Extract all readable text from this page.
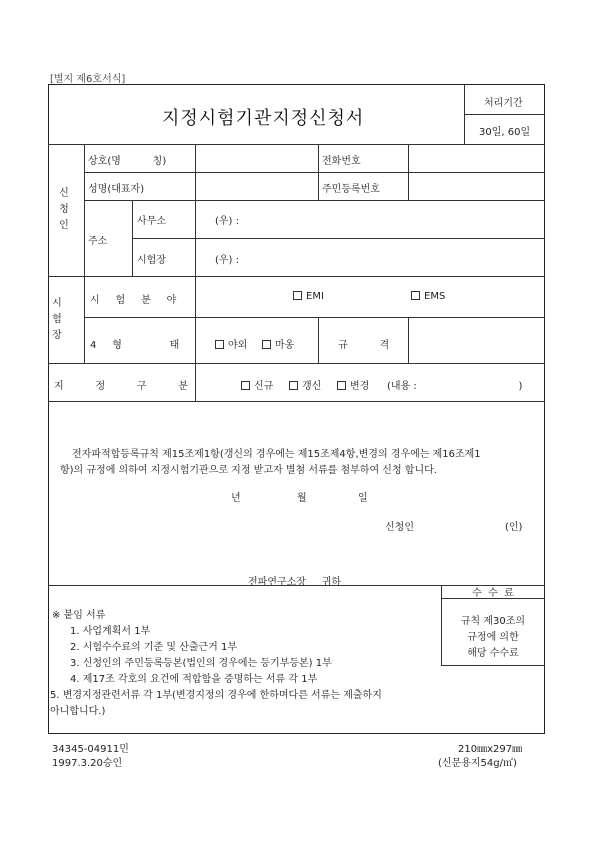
[별지 제6호서식]
지정시험기관지정신청서
처리기간
30일, 60일
신
청
인
상호(명          칭)	전화번호
성명(대표자)	주민등록번호
주소
사무소	(우) :
시험장	(우) :
시
험
장
시     험     분     야	EMI	EMS
4     형               태	야외	마옹	규          격
지          정          구          분	신규	갱신	변경 (내용 :                                )
전자파적합등록규칙 제15조제1항(갱신의 경우에는 제15조제4항,변경의 경우에는 제16조제1
항)의 규정에 의하여 지정시험기관으로 지정 받고자 별첨 서류를 첨부하여 신청 합니다.
년	월	일
신청인	(인)
전파연구소장     귀하
수  수  료
규칙 제30조의
규정에 의한
해당 수수료
※ 붙임 서류
1. 사업계획서 1부
2. 시험수수료의 기준 및 산출근거 1부
3. 신청인의 주민등록등본(법인의 경우에는 등기부등본) 1부
4. 제17조 각호의 요건에 적합함을 증명하는 서류 각 1부
5. 변경지정관련서류 각 1부(변경지정의 경우에 한하며다른 서류는 제출하지
아니합니다.)
34345-04911민
1997.3.20승인
210㎜x297㎜
(신문용지54g/㎡)
